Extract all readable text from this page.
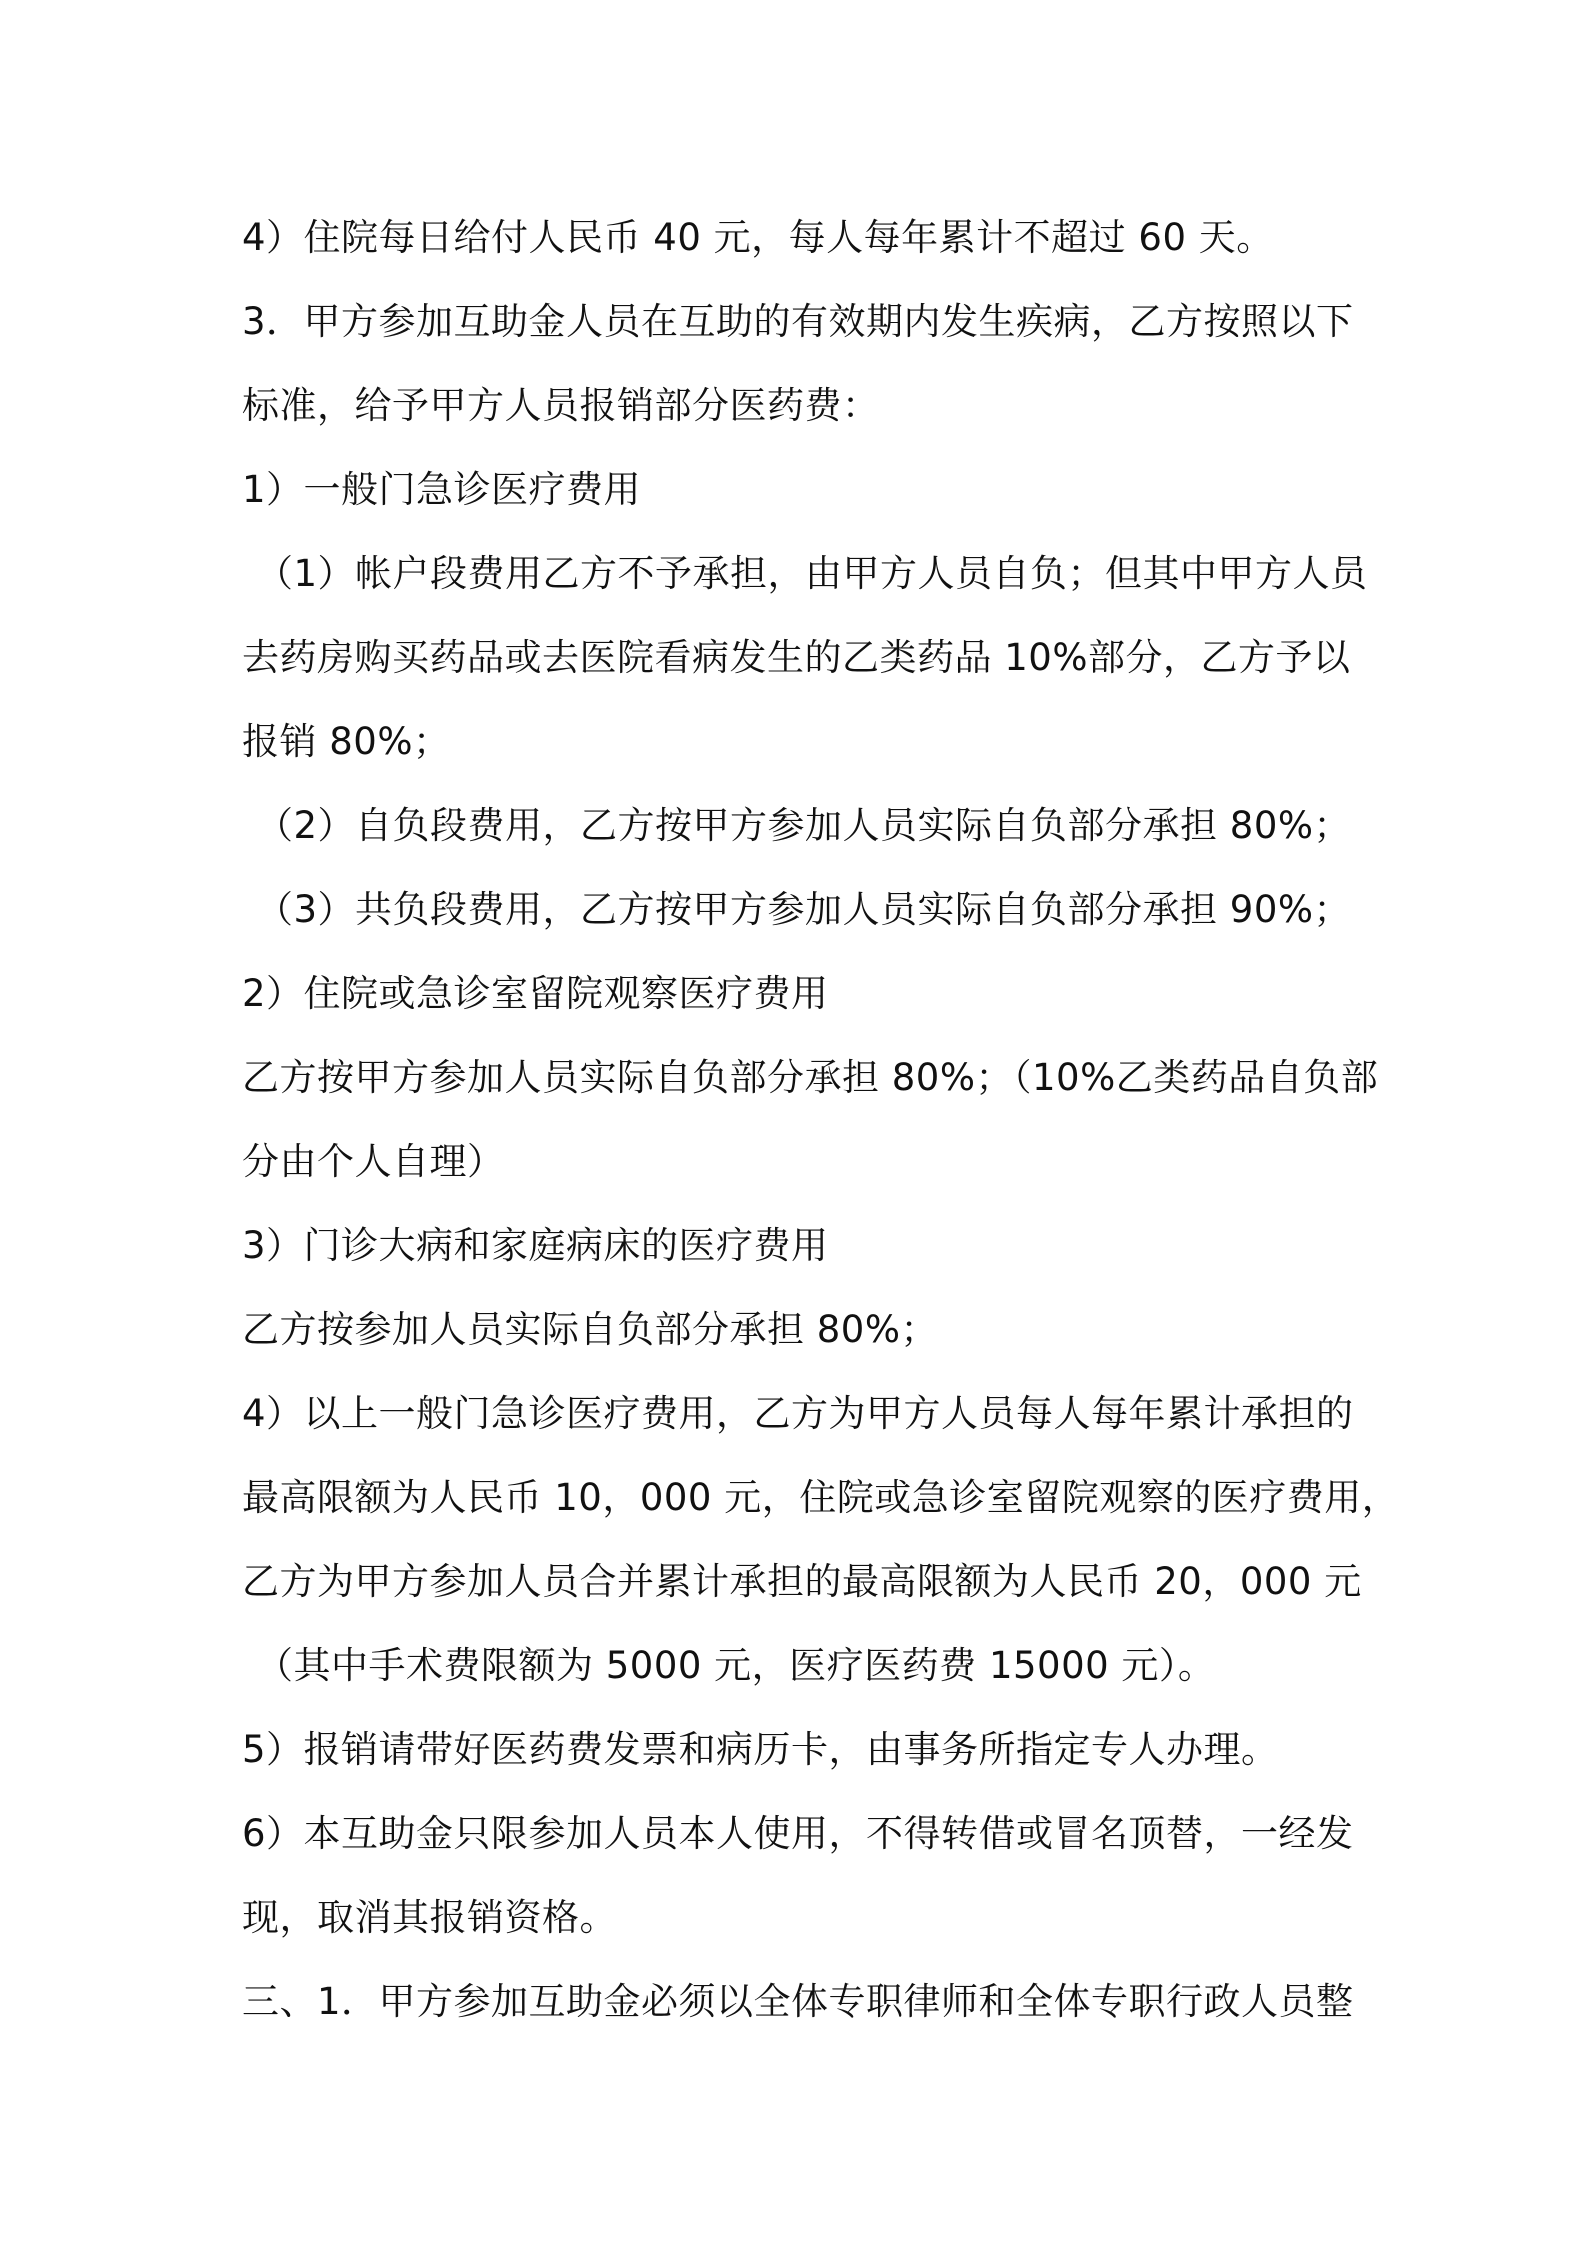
4）住院每日给付人民币 40 元，每人每年累计不超过 60 天。
3．甲方参加互助金人员在互助的有效期内发生疾病，乙方按照以下
标准，给予甲方人员报销部分医药费：
1）一般门急诊医疗费用
（1）帐户段费用乙方不予承担，由甲方人员自负；但其中甲方人员
去药房购买药品或去医院看病发生的乙类药品 10%部分，乙方予以
报销 80%；
（2）自负段费用，乙方按甲方参加人员实际自负部分承担 80%；
（3）共负段费用，乙方按甲方参加人员实际自负部分承担 90%；
2）住院或急诊室留院观察医疗费用
乙方按甲方参加人员实际自负部分承担 80%；（10%乙类药品自负部
分由个人自理）
3）门诊大病和家庭病床的医疗费用
乙方按参加人员实际自负部分承担 80%；
4）以上一般门急诊医疗费用，乙方为甲方人员每人每年累计承担的
最高限额为人民币 10，000 元，住院或急诊室留院观察的医疗费用，
乙方为甲方参加人员合并累计承担的最高限额为人民币 20，000 元
（其中手术费限额为 5000 元，医疗医药费 15000 元）。
5）报销请带好医药费发票和病历卡，由事务所指定专人办理。
6）本互助金只限参加人员本人使用，不得转借或冒名顶替，一经发
现，取消其报销资格。
三、1．甲方参加互助金必须以全体专职律师和全体专职行政人员整
